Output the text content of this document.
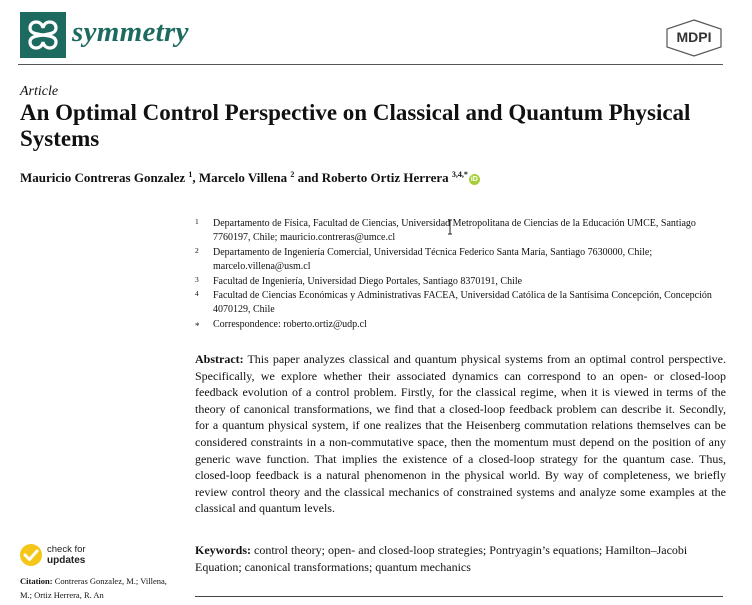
symmetry	MDPI
Article
An Optimal Control Perspective on Classical and Quantum Physical Systems
Mauricio Contreras Gonzalez $^1$, Marcelo Villena $^2$ and Roberto Ortiz Herrera $^{3,4,*}$iD
1 Departamento de Física, Facultad de Ciencias, Universidad Metropolitana de Ciencias de la Educación UMCE, Santiago 7760197, Chile; mauricio.contreras@umce.cl
2 Departamento de Ingeniería Comercial, Universidad Técnica Federico Santa María, Santiago 7630000, Chile; marcelo.villena@usm.cl
3 Facultad de Ingeniería, Universidad Diego Portales, Santiago 8370191, Chile
4 Facultad de Ciencias Económicas y Administrativas FACEA, Universidad Católica de la Santísima Concepción, Concepción 4070129, Chile
* Correspondence: roberto.ortiz@udp.cl
Abstract: This paper analyzes classical and quantum physical systems from an optimal control perspective. Specifically, we explore whether their associated dynamics can correspond to an open- or closed-loop feedback evolution of a control problem. Firstly, for the classical regime, when it is viewed in terms of the theory of canonical transformations, we find that a closed-loop feedback problem can describe it. Secondly, for a quantum physical system, if one realizes that the Heisenberg commutation relations themselves can be considered constraints in a non-commutative space, then the momentum must depend on the position of any generic wave function. That implies the existence of a closed-loop strategy for the quantum case. Thus, closed-loop feedback is a natural phenomenon in the physical world. By way of completeness, we briefly review control theory and the classical mechanics of constrained systems and analyze some examples at the classical and quantum levels.
Keywords: control theory; open- and closed-loop strategies; Pontryagin’s equations; Hamilton–Jacobi Equation; canonical transformations; quantum mechanics
check for
updates
Citation: Contreras Gonzalez, M.; Villena, M.; Ortiz Herrera, R. An
